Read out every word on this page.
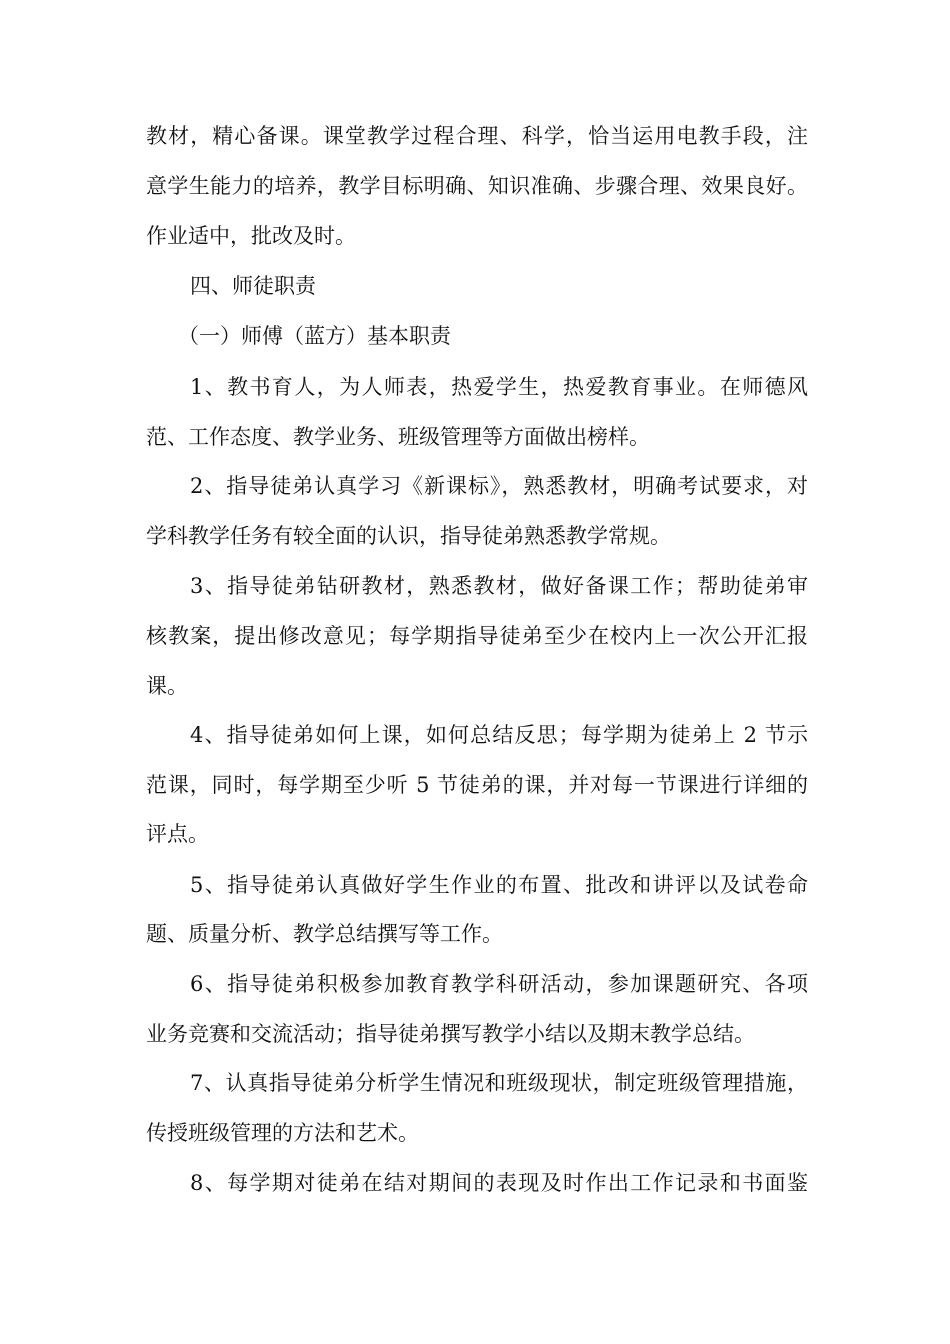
教材，精心备课。课堂教学过程合理、科学，恰当运用电教手段，注
意学生能力的培养，教学目标明确、知识准确、步骤合理、效果良好。
作业适中，批改及时。
四、师徒职责
（一）师傅（蓝方）基本职责
1、教书育人，为人师表，热爱学生，热爱教育事业。在师德风
范、工作态度、教学业务、班级管理等方面做出榜样。
2、指导徒弟认真学习《新课标》，熟悉教材，明确考试要求，对
学科教学任务有较全面的认识，指导徒弟熟悉教学常规。
3、指导徒弟钻研教材，熟悉教材，做好备课工作；帮助徒弟审
核教案，提出修改意见；每学期指导徒弟至少在校内上一次公开汇报
课。
4、指导徒弟如何上课，如何总结反思；每学期为徒弟上 2 节示
范课，同时，每学期至少听 5 节徒弟的课，并对每一节课进行详细的
评点。
5、指导徒弟认真做好学生作业的布置、批改和讲评以及试卷命
题、质量分析、教学总结撰写等工作。
6、指导徒弟积极参加教育教学科研活动，参加课题研究、各项
业务竞赛和交流活动；指导徒弟撰写教学小结以及期末教学总结。
7、认真指导徒弟分析学生情况和班级现状，制定班级管理措施，
传授班级管理的方法和艺术。
8、每学期对徒弟在结对期间的表现及时作出工作记录和书面鉴
